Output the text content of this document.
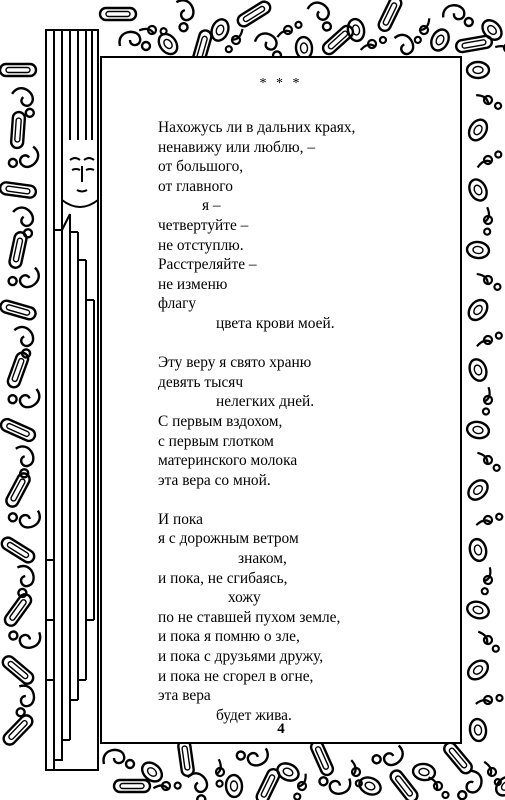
* * *
Нахожусь ли в дальних краях,
ненавижу или люблю, –
от большого,
от главного
я –
четвертуйте –
не отступлю.
Расстреляйте –
не изменю
флагу
цвета крови моей.
Эту веру я свято храню
девять тысяч
нелегких дней.
С первым вздохом,
с первым глотком
материнского молока
эта вера со мной.
И пока
я с дорожным ветром
знаком,
и пока, не сгибаясь,
хожу
по не ставшей пухом земле,
и пока я помню о зле,
и пока с друзьями дружу,
и пока не сгорел в огне,
эта вера
будет жива.
4
